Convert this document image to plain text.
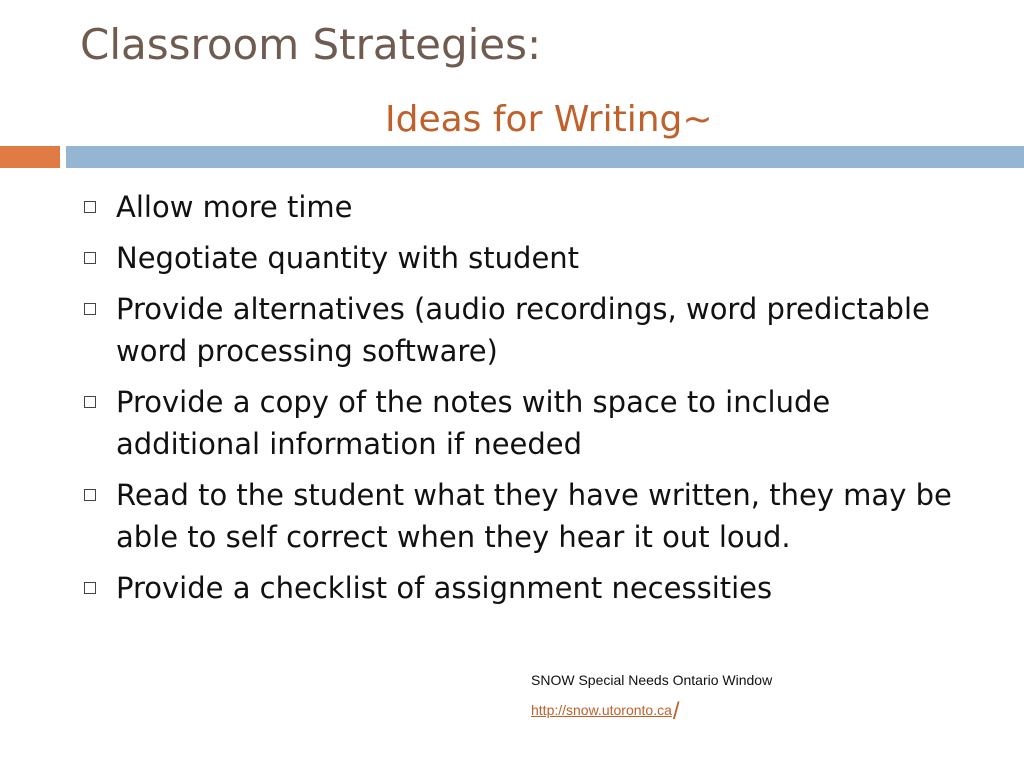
Classroom Strategies:
Ideas for Writing~
Allow more time
Negotiate quantity with student
Provide alternatives (audio recordings, word predictable word processing software)
Provide a copy of the notes with space to include additional information if needed
Read to the student what they have written, they may be able to self correct when they hear it out loud.
Provide a checklist of assignment necessities
SNOW Special Needs Ontario Window
http://snow.utoronto.ca/
